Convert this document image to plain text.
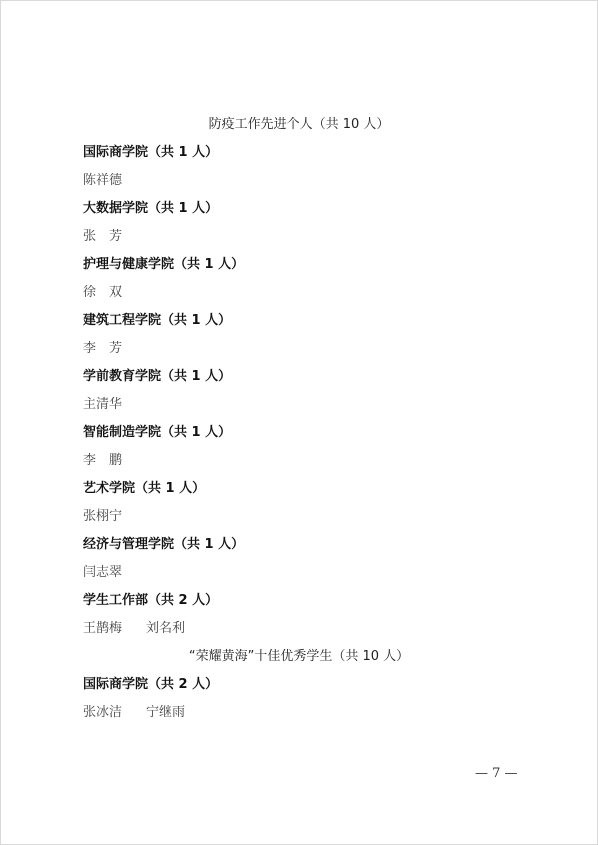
防疫工作先进个人（共 10 人）
国际商学院（共 1 人）
陈祥德
大数据学院（共 1 人）
张　芳
护理与健康学院（共 1 人）
徐　双
建筑工程学院（共 1 人）
李　芳
学前教育学院（共 1 人）
主清华
智能制造学院（共 1 人）
李　鹏
艺术学院（共 1 人）
张栩宁
经济与管理学院（共 1 人）
闫志翠
学生工作部（共 2 人）
王鹊梅 刘名利
“荣耀黄海”十佳优秀学生（共 10 人）
国际商学院（共 2 人）
张冰洁 宁继雨
— 7 —
